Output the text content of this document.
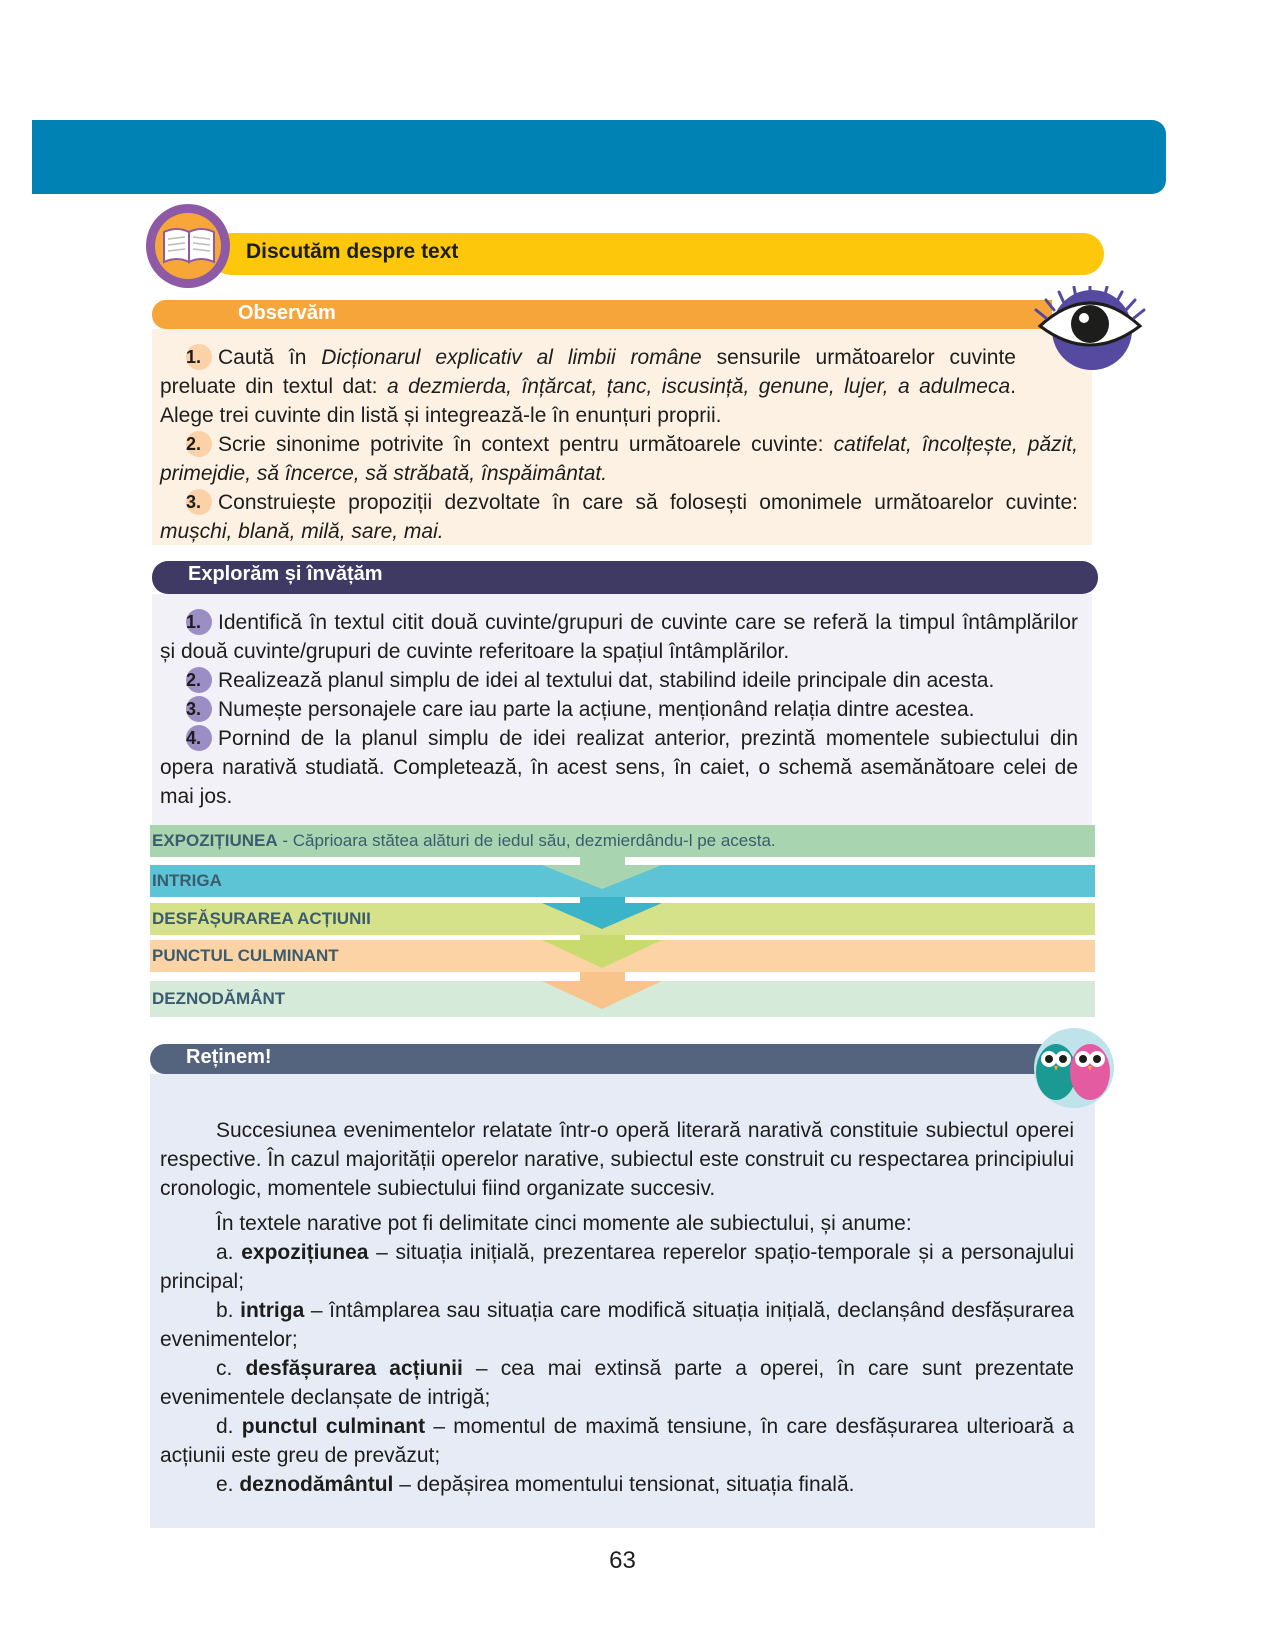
Discutăm despre text
Observăm
1. Caută în Dicționarul explicativ al limbii române sensurile următoarelor cuvinte preluate din textul dat: a dezmierda, înțărcat, țanc, iscusință, genune, lujer, a adulmeca. Alege trei cuvinte din listă și integrează-le în enunțuri proprii.
2. Scrie sinonime potrivite în context pentru următoarele cuvinte: catifelat, încolțește, păzit, primejdie, să încerce, să străbată, înspăimântat.
3. Construiește propoziții dezvoltate în care să folosești omonimele următoarelor cuvinte: mușchi, blană, milă, sare, mai.
Explorăm și învățăm
1. Identifică în textul citit două cuvinte/grupuri de cuvinte care se referă la timpul întâmplărilor și două cuvinte/grupuri de cuvinte referitoare la spațiul întâmplărilor.
2. Realizează planul simplu de idei al textului dat, stabilind ideile principale din acesta.
3. Numește personajele care iau parte la acțiune, menționând relația dintre acestea.
4. Pornind de la planul simplu de idei realizat anterior, prezintă momentele subiectului din opera narativă studiată. Completează, în acest sens, în caiet, o schemă asemănătoare celei de mai jos.
EXPOZIȚIUNEA - Căprioara stătea alături de iedul său, dezmierdându-l pe acesta.
INTRIGA
DESFĂȘURAREA ACȚIUNII
PUNCTUL CULMINANT
DEZNODĂMÂNT
Reținem!
Succesiunea evenimentelor relatate într-o operă literară narativă constituie subiectul operei respective. În cazul majorității operelor narative, subiectul este construit cu respectarea principiului cronologic, momentele subiectului fiind organizate succesiv.
În textele narative pot fi delimitate cinci momente ale subiectului, și anume:
a. expozițiunea – situația inițială, prezentarea reperelor spațio-temporale și a personajului principal;
b. intriga – întâmplarea sau situația care modifică situația inițială, declanșând desfășurarea evenimentelor;
c. desfășurarea acțiunii – cea mai extinsă parte a operei, în care sunt prezentate evenimentele declanșate de intrigă;
d. punctul culminant – momentul de maximă tensiune, în care desfășurarea ulterioară a acțiunii este greu de prevăzut;
e. deznodământul – depășirea momentului tensionat, situația finală.
63
